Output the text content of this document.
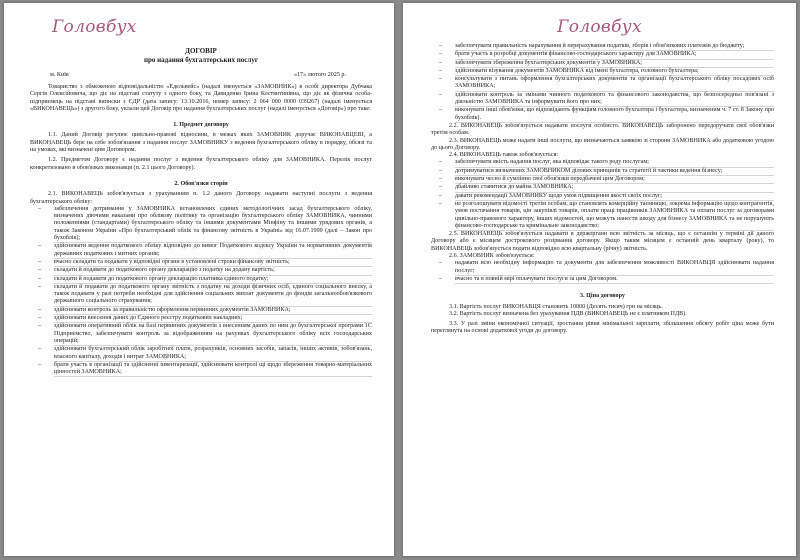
Головбух
ДОГОВІР
про надання бухгалтерських послуг
м. Київ	«17» лютого 2025 р.

Товариство з обмеженою відповідальністю «Едельвейс» (надалі іменується «ЗАМОВНИК») в особі директора Дубчака Сергія Олексійовича, що діє на підставі статуту з одного боку, та Давиденко Ірина Костянтинівна, що діє як фізична особа-підприємець на підставі виписки з ЄДР (дата запису: 13.10.2016, номер запису: 2 064 000 0000 039267) (надалі іменується «ВИКОНАВЕЦЬ») з другого боку, уклали цей Договір про надання бухгалтерських послуг (надалі іменується «Договір») про таке:

1. Предмет договору

1.1. Даний Договір регулює цивільно-правові відносини, в межах яких ЗАМОВНИК доручає ВИКОНАВЦЕВІ, а ВИКОНАВЕЦЬ бере на себе зобов'язання з надання послуг ЗАМОВНИКУ з ведення бухгалтерського обліку в порядку, обсязі та на умовах, які визначені цим Договором.

1.2. Предметом Договору є надання послуг з ведення бухгалтерського обліку для ЗАМОВНИКА. Перелік послуг конкретизовано в обов'язках виконавця (п. 2.1 цього Договору).

2. Обов'язки сторін

2.1. ВИКОНАВЕЦЬ зобов'язується з урахуванням п. 1.2 даного Договору надавати наступні послуги з ведення бухгалтерського обліку:

– забезпечення дотримання у ЗАМОВНИКА встановлених єдиних методологічних засад бухгалтерського обліку, визначених діючими наказами про облікову політику та організацію бухгалтерського обліку ЗАМОВНИКА, чинними положеннями (стандартами) бухгалтерського обліку та іншими документами Мінфіну та іншими урядових органів, а також Законом України «Про бухгалтерський облік та фінансову звітність в Україні» від 16.07.1999 (далі – Закон про бухоблік);
– здійснювати ведення податкового обліку відповідно до вимог Податкового кодексу України та нормативних документів державних податкових і митних органів;
– вчасно складати та подавати у відповідні органи в установлені строки фінансову звітність;
– складати й подавати до податкового органу декларацію з податку на додану вартість;
– складати й подавати до податкового органу декларацію платника єдиного податку;
– складати й подавати до податкового органу звітність з податку на доходи фізичних осіб, єдиного соціального внеску, а також подавати у разі потреби необхідні для здійснення соціальних виплат документи до фондів загальнообов'язкового державного соціального страхування;
– здійснювати контроль за правильністю оформлення первинних документів ЗАМОВНИКА;
– здійснювати внесення даних до Єдиного реєстру податкових накладних;
– здійснювати оперативний облік на базі первинних документів з внесенням даних по ним до бухгалтерської програми 1С Підприємство, забезпечувати контроль за відображенням на рахунках бухгалтерського обліку всіх господарських операцій;
– здійснювати бухгалтерський облік заробітної плати, розрахунків, основних засобів, запасів, інших активів, зобов'язань, власного капіталу, доходів і витрат ЗАМОВНИКА;
– брати участь в організації та здійсненні інвентаризації, здійснювати контролі щі щодо збереження товарно-матеріальних цінностей ЗАМОВНИКА;
Головбух
– забезпечувати правильність нарахування й перерахування податків, зборів і обов'язкових платежів до бюджету;
– брати участь в розробці документів фінансово-господарського характеру для ЗАМОВНИКА;
– забезпечувати збереження бухгалтерських документів у ЗАМОВНИКА;
– здійснювати візування документів ЗАМОВНИКА від імені бухгалтера, головного бухгалтера;
– консультувати з питань оформлення бухгалтерських документів та організації бухгалтерського обліку посадових осіб ЗАМОВНИКА;
– здійснювати контроль за змінами чинного податкового та фінансового законодавства, що безпосередньо пов'язані з діяльністю ЗАМОВНИКА та інформувати його про них;
– виконувати інші обов'язки, що відповідають функціям головного бухгалтера і бухгалтера, визначеним ч. 7 ст. 8 Закону про бухоблік).

2.2. ВИКОНАВЕЦЬ зобов'язується надавати послуги особисто. ВИКОНАВЕЦЬ заборонено передоручати свої обов'язки третім особам.

2.3. ВИКОНАВЕЦЬ може надати інші послуги, що визначаються заявкою зі сторони ЗАМОВНИКА або додатковою угодою до цього Договору.

2.4. ВИКОНАВЕЦЬ також зобов'язується:

– забезпечувати якість надання послуг, яка відповідає такого роду послугам;
– дотримуватися визначених ЗАМОВНИКОМ ділових принципів та стратегії й тактики ведення бізнесу;
– виконувати чесно й сумлінно свої обов'язки передбачені цим Договором;
– дбайливо ставитися до майна ЗАМОВНИКА;
– давати рекомендації ЗАМОВНИКУ щодо умов підвищення якості своїх послуг;
– не розголошувати відомості третім особам, що становлять комерційну таємницю, зокрема інформацію щодо контрагентів, умов постачання товарів, цін закупівлі товарів, оплати праці працівників ЗАМОВНИКА та оплати послуг за договорами цивільно-правового характеру, інших відомостей, що можуть нанести шкоду для бізнесу ЗАМОВНИКА та не порушують фінансово-господарське та кримінальне законодавство;

2.5. ВИКОНАВЕЦЬ зобов'язується надавати в держорганн всю звітність за місяць, що є останнім у терміні дії даного Договору або є місяцем дострокового розірвання договору. Якщо таким місяцем є останній день кварталу (року), то ВИКОНАВЕЦЬ зобов'язується подати відповідно всю квартальну (річну) звітність.

2.6. ЗАМОВНИК зобов'язується:

– надавати всю необхідну інформацію та документи для забезпечення можливості ВИКОНАВЦЯ здійснювати надання послуг;
– вчасно та в повній мірі оплачувати послуги за цим Договором.

3. Ціна договору

3.1. Вартість послуг ВИКОНАВЦЯ становить 10000 (Десять тисяч) грн на місяць.

3.2. Вартість послуг визначена без урахування ПДВ (ВИКОНАВЕЦЬ не є платником ПДВ).

3.3. У разі зміни економічної ситуації, зростання рівня мінімальної зарплати, збільшення обсягу робіт ціна може бути переглянута на основі додаткової угоди до договору.
